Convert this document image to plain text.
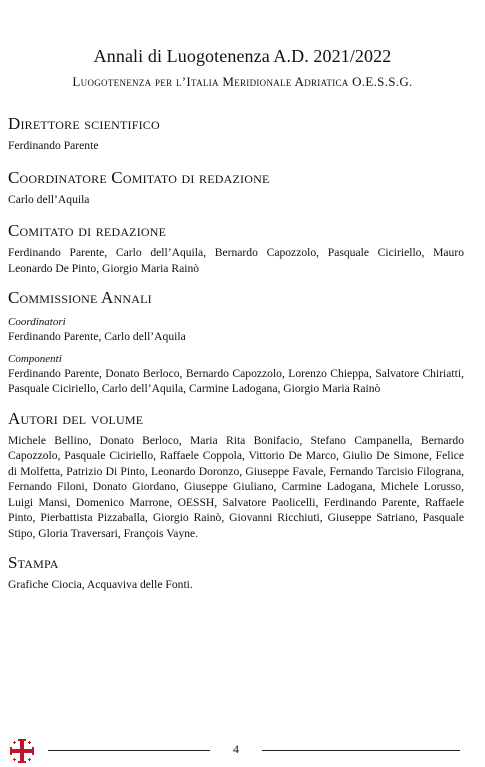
Annali di Luogotenenza A.D. 2021/2022
Luogotenenza per l’Italia Meridionale Adriatica O.E.S.S.G.
Direttore scientifico
Ferdinando Parente
Coordinatore Comitato di redazione
Carlo dell’Aquila
Comitato di redazione
Ferdinando Parente, Carlo dell’Aquila, Bernardo Capozzolo, Pasquale Ciciriello, Mauro Leonardo De Pinto, Giorgio Maria Rainò
Commissione Annali
Coordinatori
Ferdinando Parente, Carlo dell’Aquila
Componenti
Ferdinando Parente, Donato Berloco, Bernardo Capozzolo, Lorenzo Chieppa, Salvatore Chiriatti, Pasquale Ciciriello, Carlo dell’Aquila, Carmine Ladogana, Giorgio Maria Rainò
Autori del volume
Michele Bellino, Donato Berloco, Maria Rita Bonifacio, Stefano Campanella, Bernardo Capozzolo, Pasquale Ciciriello, Raffaele Coppola, Vittorio De Marco, Giulio De Simone, Felice di Molfetta, Patrizio Di Pinto, Leonardo Doronzo, Giuseppe Favale, Fernando Tarcisio Filograna, Fernando Filoni, Donato Giordano, Giuseppe Giuliano, Carmine Ladogana, Michele Lorusso, Luigi Mansi, Domenico Marrone, OESSH, Salvatore Paolicelli, Ferdinando Parente, Raffaele Pinto, Pierbattista Pizzaballa, Giorgio Rainò, Giovanni Ricchiuti, Giuseppe Satriano, Pasquale Stipo, Gloria Traversari, François Vayne.
Stampa
Grafiche Ciocia, Acquaviva delle Fonti.
4
